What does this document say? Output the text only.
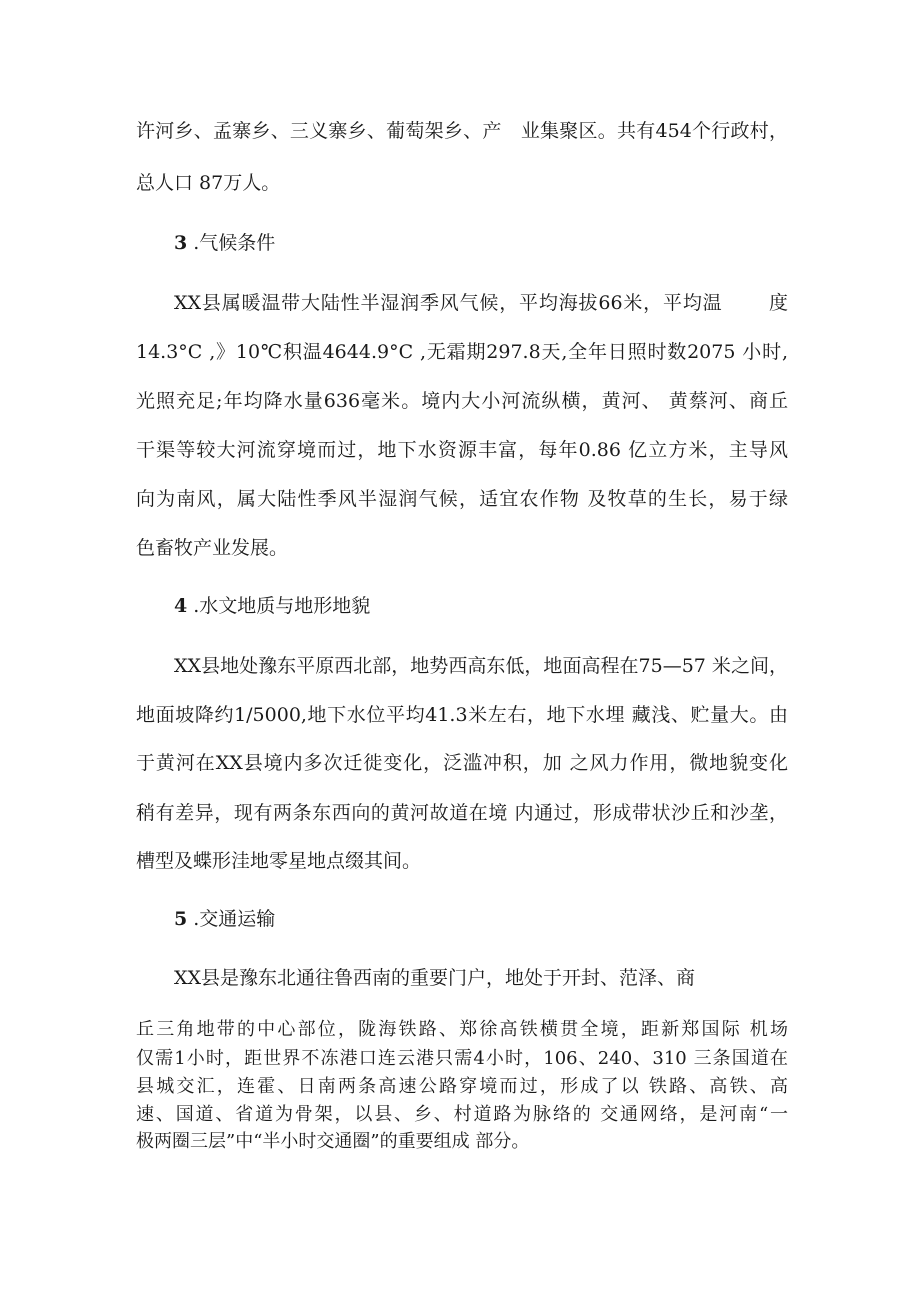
许河乡、孟寨乡、三义寨乡、葡萄架乡、产　业集聚区。共有454个行政村，
总人口 87万人。
3 .气候条件
XX县属暖温带大陆性半湿润季风气候，平均海拔66米，平均温　　 度
14.3°C ,》10℃积温4644.9°C ,无霜期297.8天,全年日照时数2075 小时,
光照充足;年均降水量636毫米。境内大小河流纵横，黄河、 黄蔡河、商丘
干渠等较大河流穿境而过，地下水资源丰富，每年0.86 亿立方米，主导风
向为南风，属大陆性季风半湿润气候，适宜农作物 及牧草的生长，易于绿
色畜牧产业发展。
4 .水文地质与地形地貌
XX县地处豫东平原西北部，地势西高东低，地面高程在75—57 米之间，
地面坡降约1/5000,地下水位平均41.3米左右，地下水埋 藏浅、贮量大。由
于黄河在XX县境内多次迁徙变化，泛滥冲积，加 之风力作用，微地貌变化
稍有差异，现有两条东西向的黄河故道在境 内通过，形成带状沙丘和沙垄，
槽型及蝶形洼地零星地点缀其间。
5 .交通运输
XX县是豫东北通往鲁西南的重要门户，地处于开封、范泽、商
丘三角地带的中心部位，陇海铁路、郑徐高铁横贯全境，距新郑国际 机场
仅需1小时，距世界不冻港口连云港只需4小时，106、240、310 三条国道在
县城交汇，连霍、日南两条高速公路穿境而过，形成了以 铁路、高铁、高
速、国道、省道为骨架，以县、乡、村道路为脉络的 交通网络，是河南“一
极两圈三层”中“半小时交通圈”的重要组成 部分。
